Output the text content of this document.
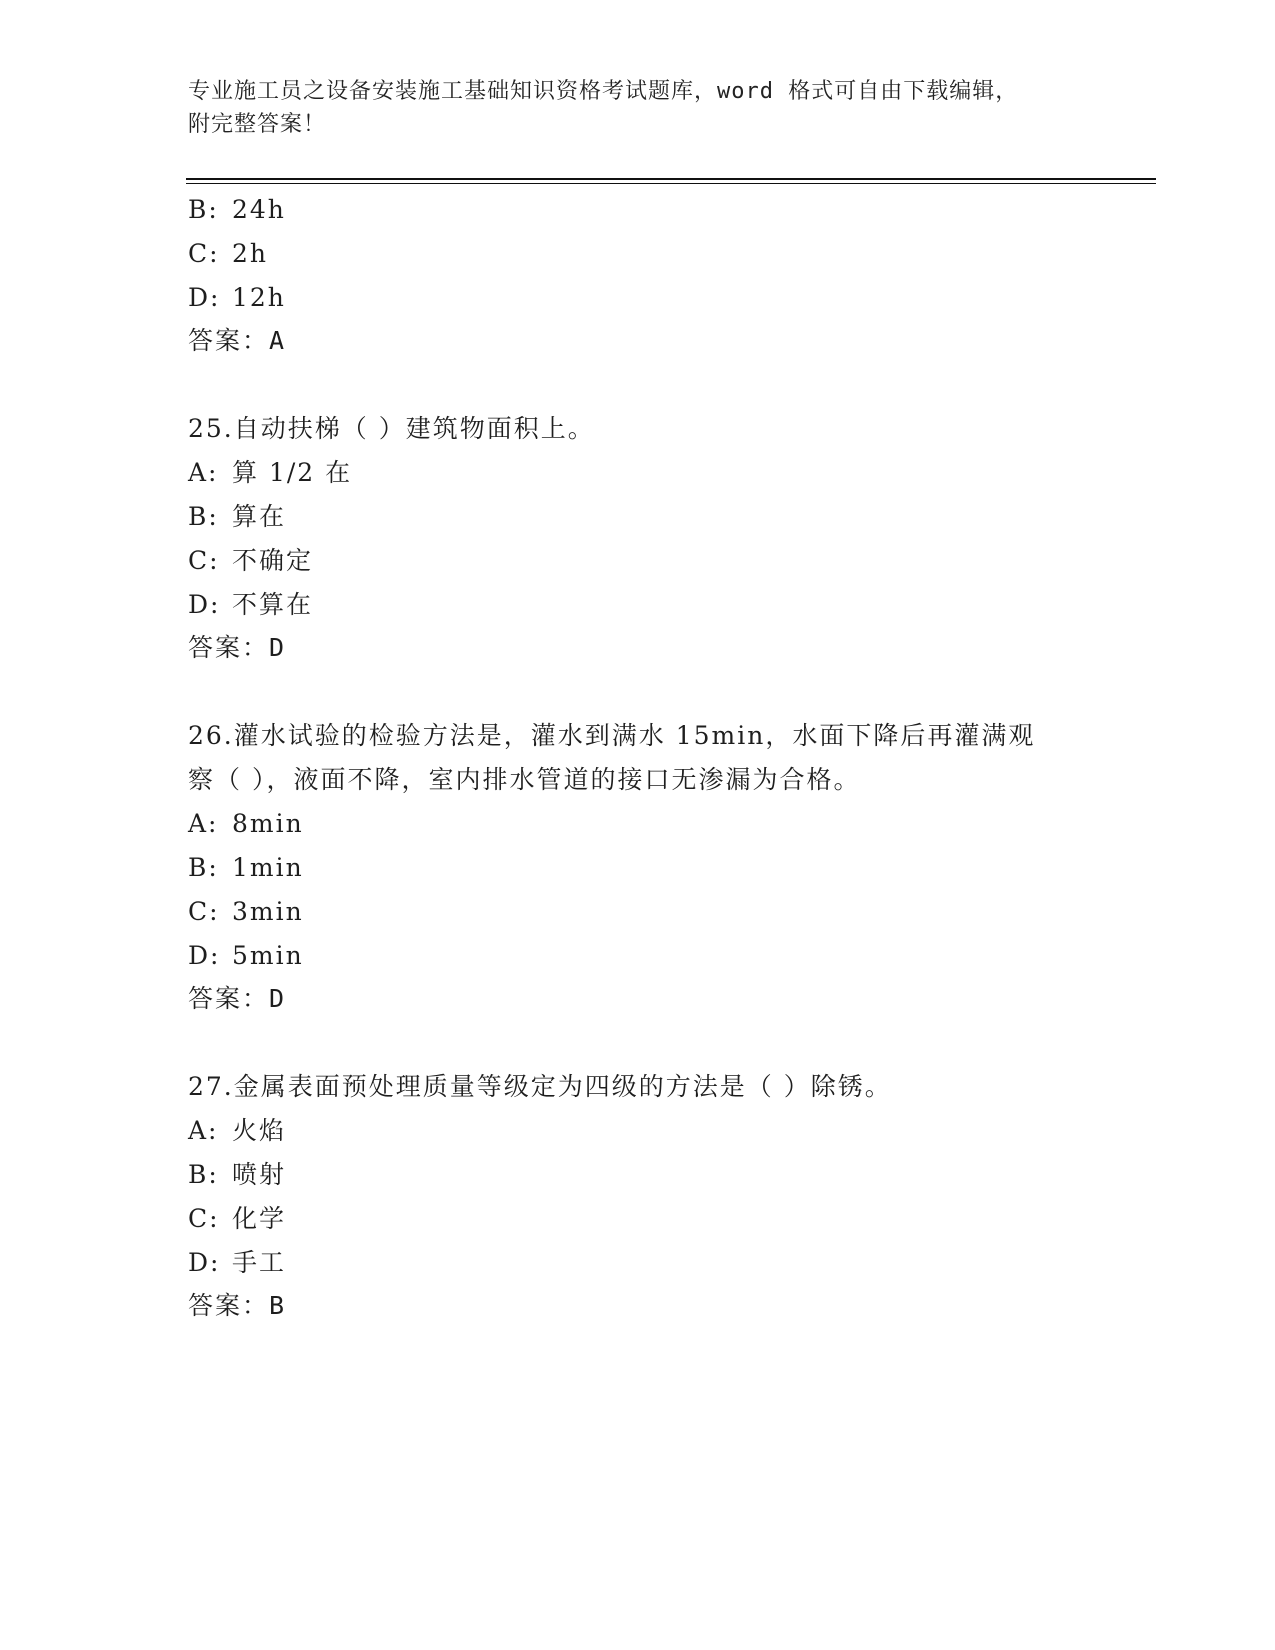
专业施工员之设备安装施工基础知识资格考试题库，word 格式可自由下载编辑，
附完整答案！
B: 24h
C: 2h
D: 12h
答案：A
25.自动扶梯（ ）建筑物面积上。
A: 算 1/2 在
B: 算在
C: 不确定
D: 不算在
答案：D
26.灌水试验的检验方法是，灌水到满水 15min，水面下降后再灌满观
察（ ），液面不降，室内排水管道的接口无渗漏为合格。
A: 8min
B: 1min
C: 3min
D: 5min
答案：D
27.金属表面预处理质量等级定为四级的方法是（ ）除锈。
A: 火焰
B: 喷射
C: 化学
D: 手工
答案：B
